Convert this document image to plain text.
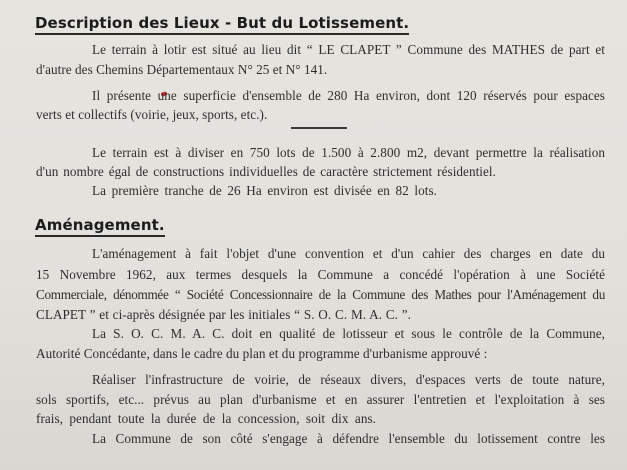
Description des Lieux - But du Lotissement.
Le terrain à lotir est situé au lieu dit “ LE CLAPET ” Commune des MATHES de part et
d'autre des Chemins Départementaux N° 25 et N° 141.
Il présente une superficie d'ensemble de 280 Ha environ, dont 120 réservés pour espaces
verts et collectifs (voirie, jeux, sports, etc.).
Le terrain est à diviser en 750 lots de 1.500 à 2.800 m2, devant permettre la réalisation
d'un nombre égal de constructions individuelles de caractère strictement résidentiel.
La première tranche de 26 Ha environ est divisée en 82 lots.
Aménagement.
L'aménagement à fait l'objet d'une convention et d'un cahier des charges en date du
15 Novembre 1962, aux termes desquels la Commune a concédé l'opération à une Société
Commerciale, dénommée “ Société Concessionnaire de la Commune des Mathes pour l'Aménagement du
CLAPET ” et ci-après désignée par les initiales “ S. O. C. M. A. C. ”.
La S. O. C. M. A. C. doit en qualité de lotisseur et sous le contrôle de la Commune,
Autorité Concédante, dans le cadre du plan et du programme d'urbanisme approuvé :
Réaliser l'infrastructure de voirie, de réseaux divers, d'espaces verts de toute nature,
sols sportifs, etc... prévus au plan d'urbanisme et en assurer l'entretien et l'exploitation à ses
frais, pendant toute la durée de la concession, soit dix ans.
La Commune de son côté s'engage à défendre l'ensemble du lotissement contre les
